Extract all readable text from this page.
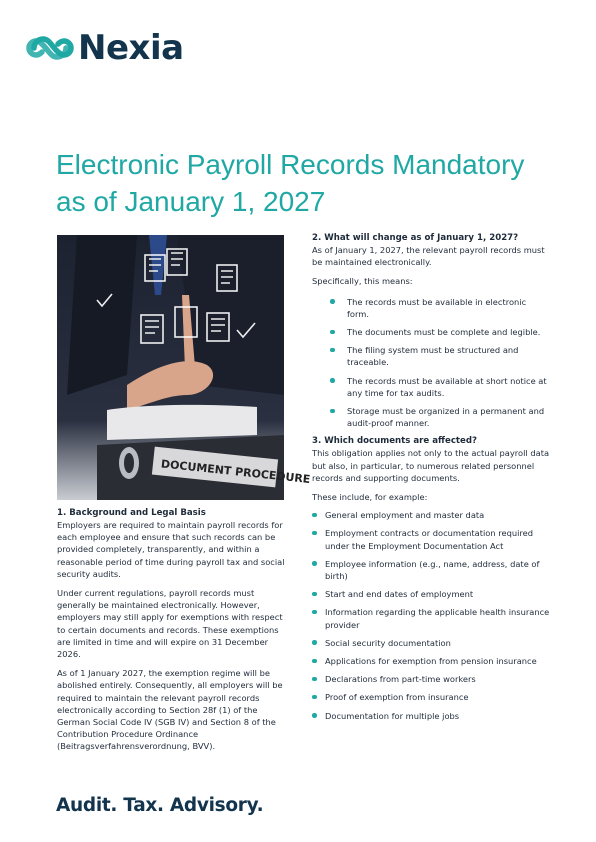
Nexia
Electronic Payroll Records Mandatory as of January 1, 2027
DOCUMENT PROCEDURE
1. Background and Legal Basis

Employers are required to maintain payroll records for each employee and ensure that such records can be provided completely, transparently, and within a reasonable period of time during payroll tax and social security audits.

Under current regulations, payroll records must generally be maintained electronically. However, employers may still apply for exemptions with respect to certain documents and records. These exemptions are limited in time and will expire on 31 December 2026.

As of 1 January 2027, the exemption regime will be abolished entirely. Consequently, all employers will be required to maintain the relevant payroll records electronically according to Section 28f (1) of the German Social Code IV (SGB IV) and Section 8 of the Contribution Procedure Ordinance (Beitragsverfahrensverordnung, BVV).

2. What will change as of January 1, 2027?

As of January 1, 2027, the relevant payroll records must be maintained electronically.

Specifically, this means:

The records must be available in electronic form.
The documents must be complete and legible.
The filing system must be structured and traceable.
The records must be available at short notice at any time for tax audits.
Storage must be organized in a permanent and audit-proof manner.
3. Which documents are affected?

This obligation applies not only to the actual payroll data but also, in particular, to numerous related personnel records and supporting documents.

These include, for example:

General employment and master data
Employment contracts or documentation required under the Employment Documentation Act
Employee information (e.g., name, address, date of birth)
Start and end dates of employment
Information regarding the applicable health insurance provider
Social security documentation
Applications for exemption from pension insurance
Declarations from part-time workers
Proof of exemption from insurance
Documentation for multiple jobs
Audit. Tax. Advisory.
